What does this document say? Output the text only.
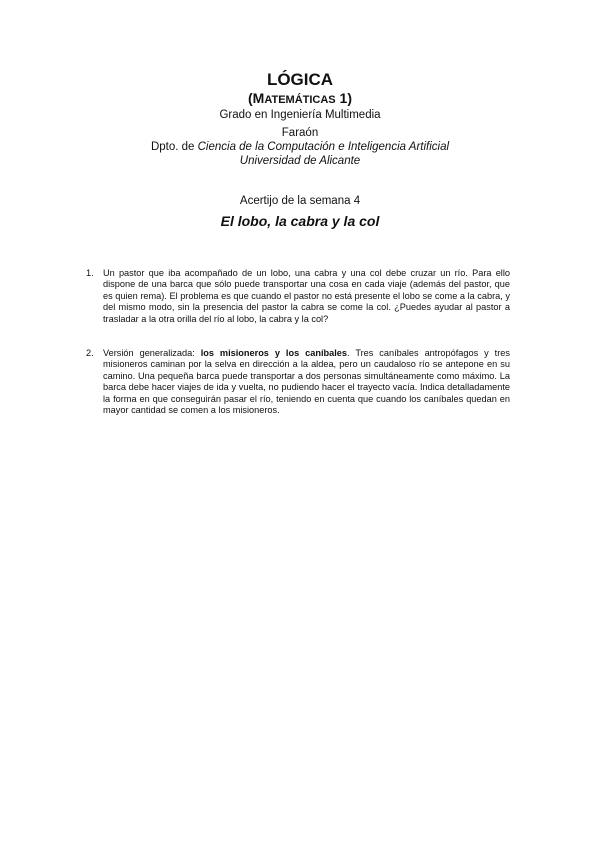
LÓGICA

(MATEMÁTICAS 1)

Grado en Ingeniería Multimedia

Faraón

Dpto. de Ciencia de la Computación e Inteligencia Artificial

Universidad de Alicante

Acertijo de la semana 4

El lobo, la cabra y la col

1. Un pastor que iba acompañado de un lobo, una cabra y una col debe cruzar un río. Para ello dispone de una barca que sólo puede transportar una cosa en cada viaje (además del pastor, que es quien rema). El problema es que cuando el pastor no está presente el lobo se come a la cabra, y del mismo modo, sin la presencia del pastor la cabra se come la col. ¿Puedes ayudar al pastor a trasladar a la otra orilla del río al lobo, la cabra y la col?

2. Versión generalizada: los misioneros y los caníbales. Tres caníbales antropófagos y tres misioneros caminan por la selva en dirección a la aldea, pero un caudaloso río se antepone en su camino. Una pequeña barca puede transportar a dos personas simultáneamente como máximo. La barca debe hacer viajes de ida y vuelta, no pudiendo hacer el trayecto vacía. Indica detalladamente la forma en que conseguirán pasar el río, teniendo en cuenta que cuando los caníbales quedan en mayor cantidad se comen a los misioneros.
